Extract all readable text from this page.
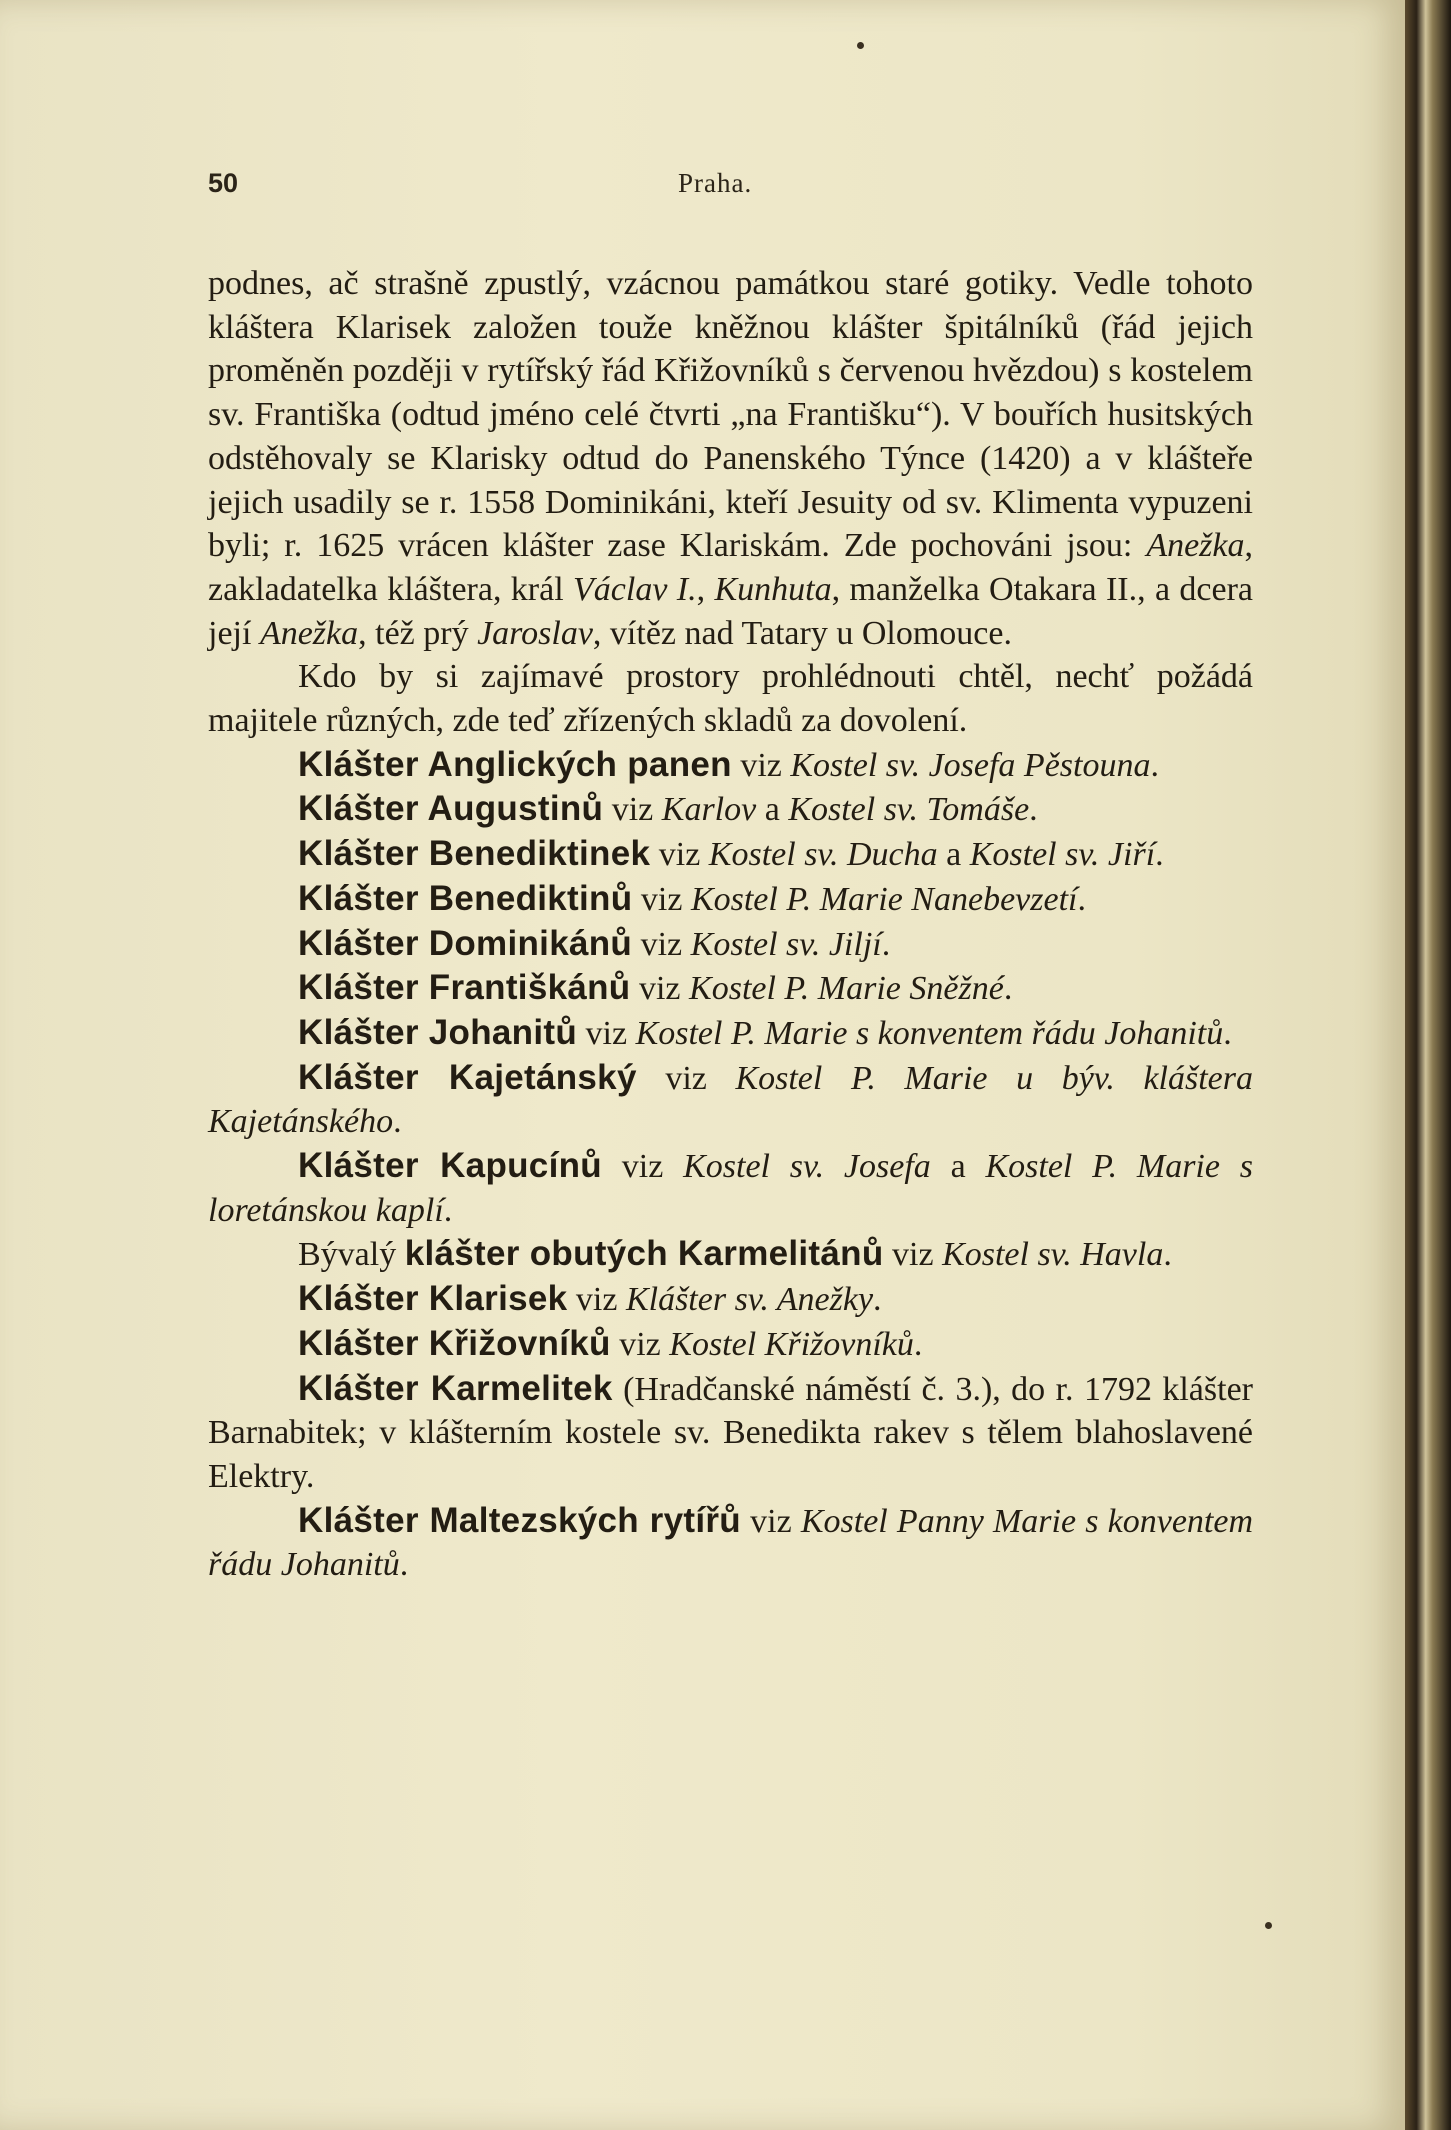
50	Praha.

podnes, ač strašně zpustlý, vzácnou památkou staré gotiky. Vedle tohoto kláštera Klarisek založen touže kněžnou klášter špitálníků (řád jejich proměněn později v rytířský řád Křižovníků s červenou hvězdou) s kostelem sv. Františka (odtud jméno celé čtvrti „na Františku“). V bouřích husitských odstěhovaly se Klarisky odtud do Panenského Týnce (1420) a v klášteře jejich usadily se r. 1558 Dominikáni, kteří Jesuity od sv. Klimenta vypuzeni byli; r. 1625 vrácen klášter zase Klariskám. Zde pochováni jsou: Anežka, zakladatelka kláštera, král Václav I., Kunhuta, manželka Otakara II., a dcera její Anežka, též prý Jaroslav, vítěz nad Tatary u Olomouce.

Kdo by si zajímavé prostory prohlédnouti chtěl, nechť požádá majitele různých, zde teď zřízených skladů za dovolení.

Klášter Anglických panen viz Kostel sv. Josefa Pěstouna.

Klášter Augustinů viz Karlov a Kostel sv. Tomáše.

Klášter Benediktinek viz Kostel sv. Ducha a Kostel sv. Jiří.

Klášter Benediktinů viz Kostel P. Marie Nanebevzetí.

Klášter Dominikánů viz Kostel sv. Jiljí.

Klášter Františkánů viz Kostel P. Marie Sněžné.

Klášter Johanitů viz Kostel P. Marie s konventem řádu Johanitů.

Klášter Kajetánský viz Kostel P. Marie u býv. kláštera Kajetánského.

Klášter Kapucínů viz Kostel sv. Josefa a Kostel P. Marie s loretánskou kaplí.

Bývalý klášter obutých Karmelitánů viz Kostel sv. Havla.

Klášter Klarisek viz Klášter sv. Anežky.

Klášter Křižovníků viz Kostel Křižovníků.

Klášter Karmelitek (Hradčanské náměstí č. 3.), do r. 1792 klášter Barnabitek; v klášterním kostele sv. Benedikta rakev s tělem blahoslavené Elektry.

Klášter Maltezských rytířů viz Kostel Panny Marie s konventem řádu Johanitů.
